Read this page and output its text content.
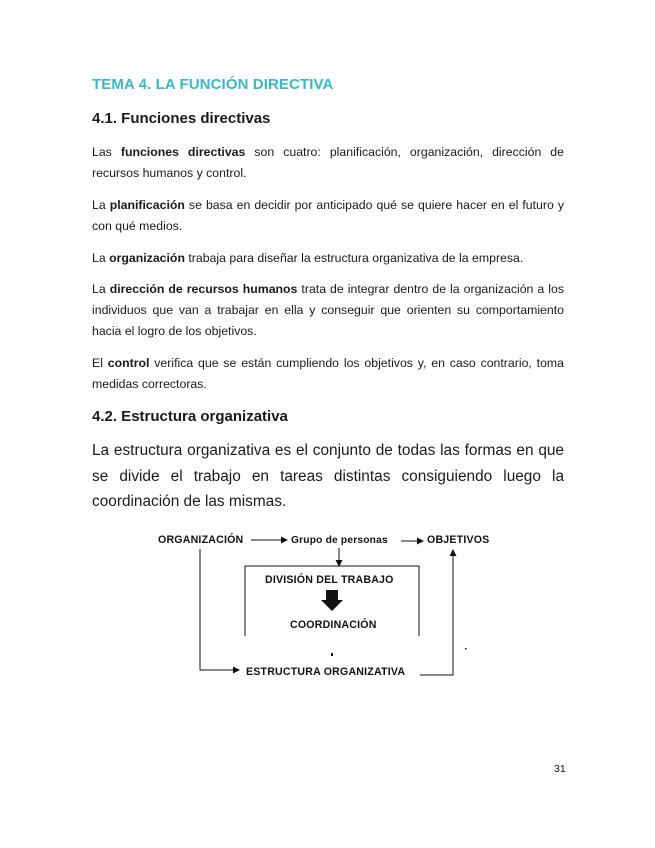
TEMA 4. LA FUNCIÓN DIRECTIVA
4.1. Funciones directivas

Las funciones directivas son cuatro: planificación, organización, dirección de recursos humanos y control.

La planificación se basa en decidir por anticipado qué se quiere hacer en el futuro y con qué medios.

La organización trabaja para diseñar la estructura organizativa de la empresa.

La dirección de recursos humanos trata de integrar dentro de la organización a los individuos que van a trabajar en ella y conseguir que orienten su comportamiento hacia el logro de los objetivos.

El control verifica que se están cumpliendo los objetivos y, en caso contrario, toma medidas correctoras.

4.2. Estructura organizativa

La estructura organizativa es el conjunto de todas las formas en que se divide el trabajo en tareas distintas consiguiendo luego la coordinación de las mismas.

ORGANIZACIÓN	Grupo de personas	OBJETIVOS
DIVISIÓN DEL TRABAJO
COORDINACIÓN
ESTRUCTURA ORGANIZATIVA
31
